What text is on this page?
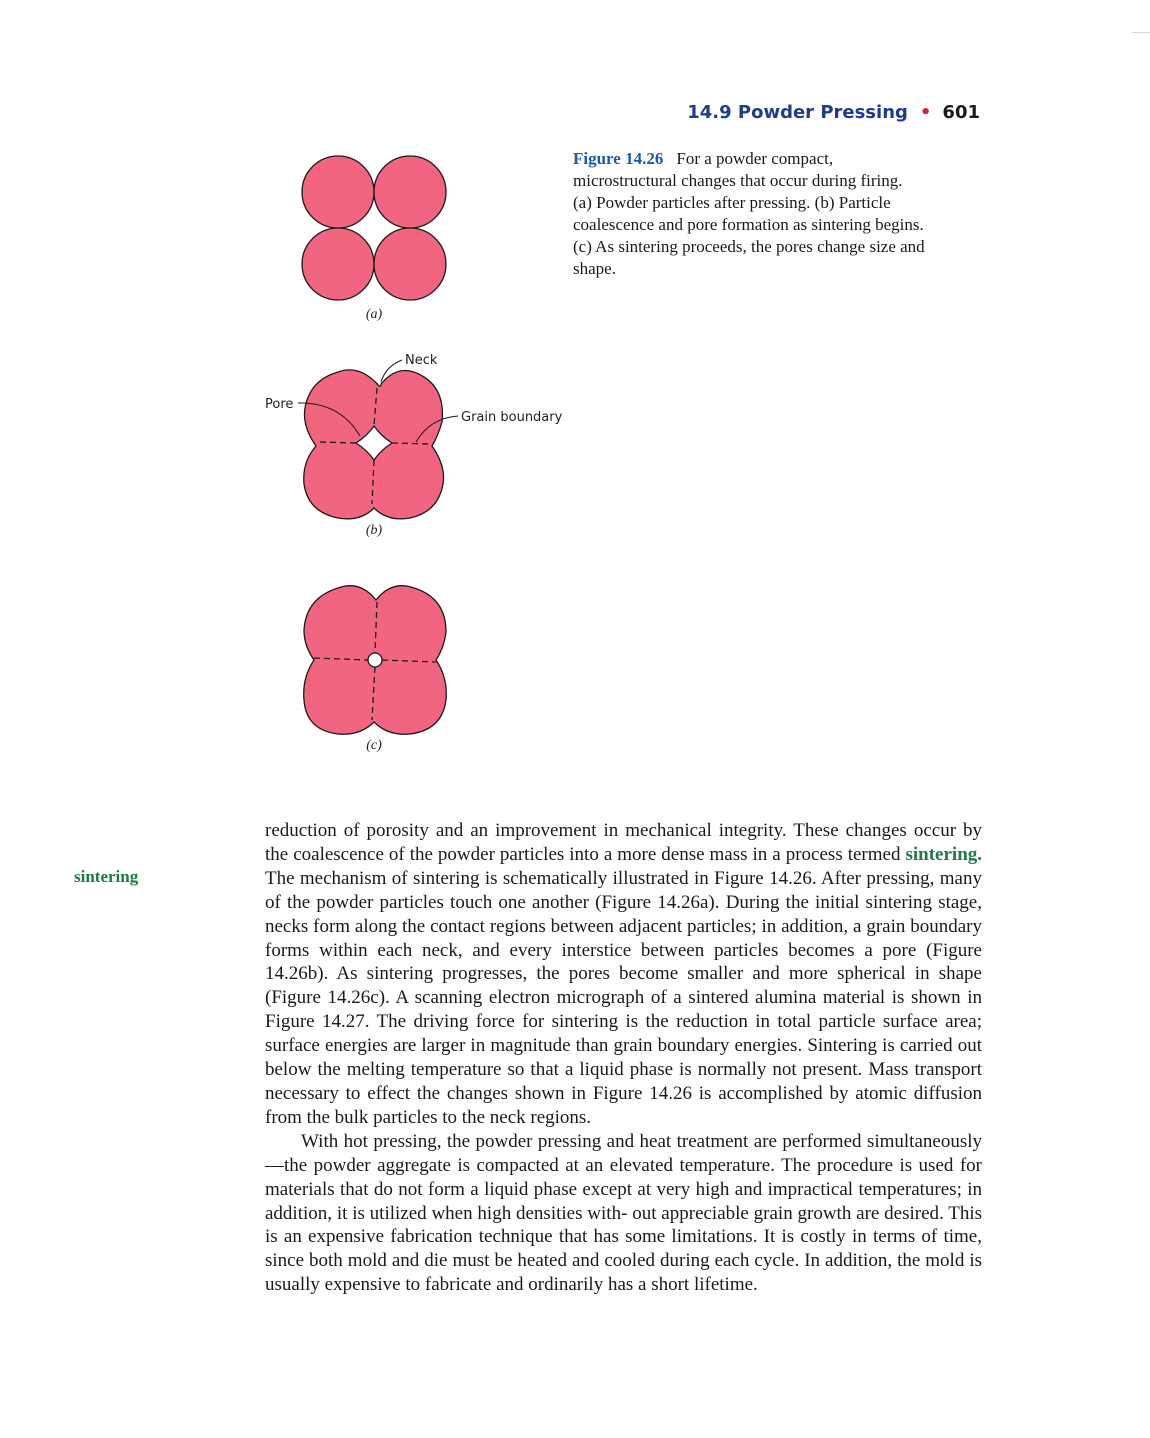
14.9 Powder Pressing • 601
(a)
Neck
Pore
Grain boundary
(b)
(c)

Figure 14.26 For a powder compact,

microstructural changes that occur during firing.

(a) Powder particles after pressing. (b) Particle

coalescence and pore formation as sintering begins.

(c) As sintering proceeds, the pores change size and

shape.

sintering

reduction of porosity and an improvement in mechanical integrity. These changes occur by the coalescence of the powder particles into a more dense mass in a process termed sintering. The mechanism of sintering is schematically illustrated in Figure 14.26. After pressing, many of the powder particles touch one another (Figure 14.26a). During the initial sintering stage, necks form along the contact regions between adjacent particles; in addition, a grain boundary forms within each neck, and every interstice between particles becomes a pore (Figure 14.26b). As sintering progresses, the pores become smaller and more spherical in shape (Figure 14.26c). A scanning electron micrograph of a sintered alumina material is shown in Figure 14.27. The driving force for sintering is the reduction in total particle surface area; surface energies are larger in magnitude than grain boundary energies. Sintering is carried out below the melting temperature so that a liquid phase is normally not present. Mass transport necessary to effect the changes shown in Figure 14.26 is accomplished by atomic diffusion from the bulk particles to the neck regions.

With hot pressing, the powder pressing and heat treatment are performed simultaneously—the powder aggregate is compacted at an elevated temperature. The procedure is used for materials that do not form a liquid phase except at very high and impractical temperatures; in addition, it is utilized when high densities with- out appreciable grain growth are desired. This is an expensive fabrication technique that has some limitations. It is costly in terms of time, since both mold and die must be heated and cooled during each cycle. In addition, the mold is usually expensive to fabricate and ordinarily has a short lifetime.
